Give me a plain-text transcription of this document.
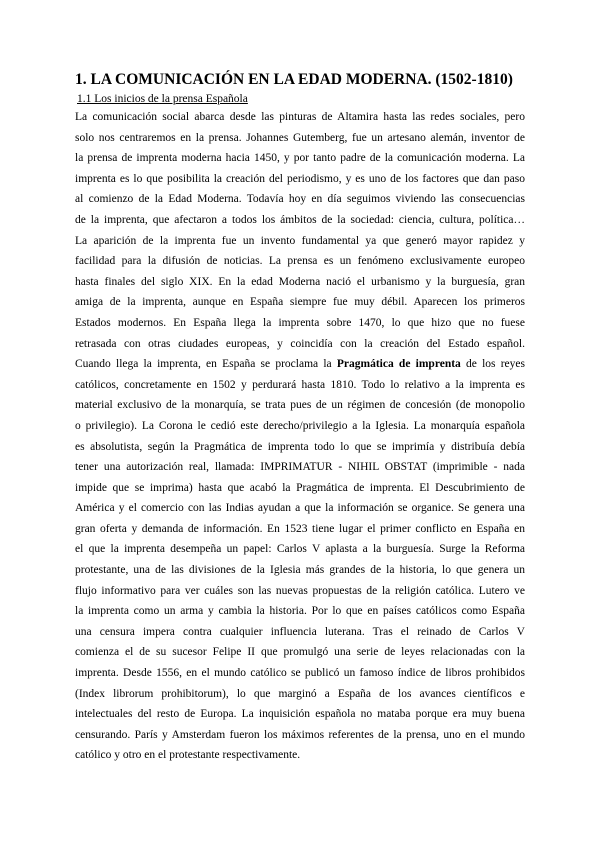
1. LA COMUNICACIÓN EN LA EDAD MODERNA. (1502-1810)
1.1 Los inicios de la prensa Española
La comunicación social abarca desde las pinturas de Altamira hasta las redes sociales, pero
solo nos centraremos en la prensa. Johannes Gutemberg, fue un artesano alemán, inventor de
la prensa de imprenta moderna hacia 1450, y por tanto padre de la comunicación moderna. La
imprenta es lo que posibilita la creación del periodismo, y es uno de los factores que dan paso
al comienzo de la Edad Moderna. Todavía hoy en día seguimos viviendo las consecuencias
de la imprenta, que afectaron a todos los ámbitos de la sociedad: ciencia, cultura, política…
La aparición de la imprenta fue un invento fundamental ya que generó mayor rapidez y
facilidad para la difusión de noticias. La prensa es un fenómeno exclusivamente europeo
hasta finales del siglo XIX. En la edad Moderna nació el urbanismo y la burguesía, gran
amiga de la imprenta, aunque en España siempre fue muy débil. Aparecen los primeros
Estados modernos. En España llega la imprenta sobre 1470, lo que hizo que no fuese
retrasada con otras ciudades europeas, y coincidía con la creación del Estado español.
Cuando llega la imprenta, en España se proclama la Pragmática de imprenta de los reyes
católicos, concretamente en 1502 y perdurará hasta 1810. Todo lo relativo a la imprenta es
material exclusivo de la monarquía, se trata pues de un régimen de concesión (de monopolio
o privilegio). La Corona le cedió este derecho/privilegio a la Iglesia. La monarquía española
es absolutista, según la Pragmática de imprenta todo lo que se imprimía y distribuía debía
tener una autorización real, llamada: IMPRIMATUR - NIHIL OBSTAT (imprimible - nada
impide que se imprima) hasta que acabó la Pragmática de imprenta. El Descubrimiento de
América y el comercio con las Indias ayudan a que la información se organice. Se genera una
gran oferta y demanda de información. En 1523 tiene lugar el primer conflicto en España en
el que la imprenta desempeña un papel: Carlos V aplasta a la burguesía. Surge la Reforma
protestante, una de las divisiones de la Iglesia más grandes de la historia, lo que genera un
flujo informativo para ver cuáles son las nuevas propuestas de la religión católica. Lutero ve
la imprenta como un arma y cambia la historia. Por lo que en países católicos como España
una censura impera contra cualquier influencia luterana. Tras el reinado de Carlos V
comienza el de su sucesor Felipe II que promulgó una serie de leyes relacionadas con la
imprenta. Desde 1556, en el mundo católico se publicó un famoso índice de libros prohibidos
(Index librorum prohibitorum), lo que marginó a España de los avances científicos e
intelectuales del resto de Europa. La inquisición española no mataba porque era muy buena
censurando. París y Amsterdam fueron los máximos referentes de la prensa, uno en el mundo
católico y otro en el protestante respectivamente.
